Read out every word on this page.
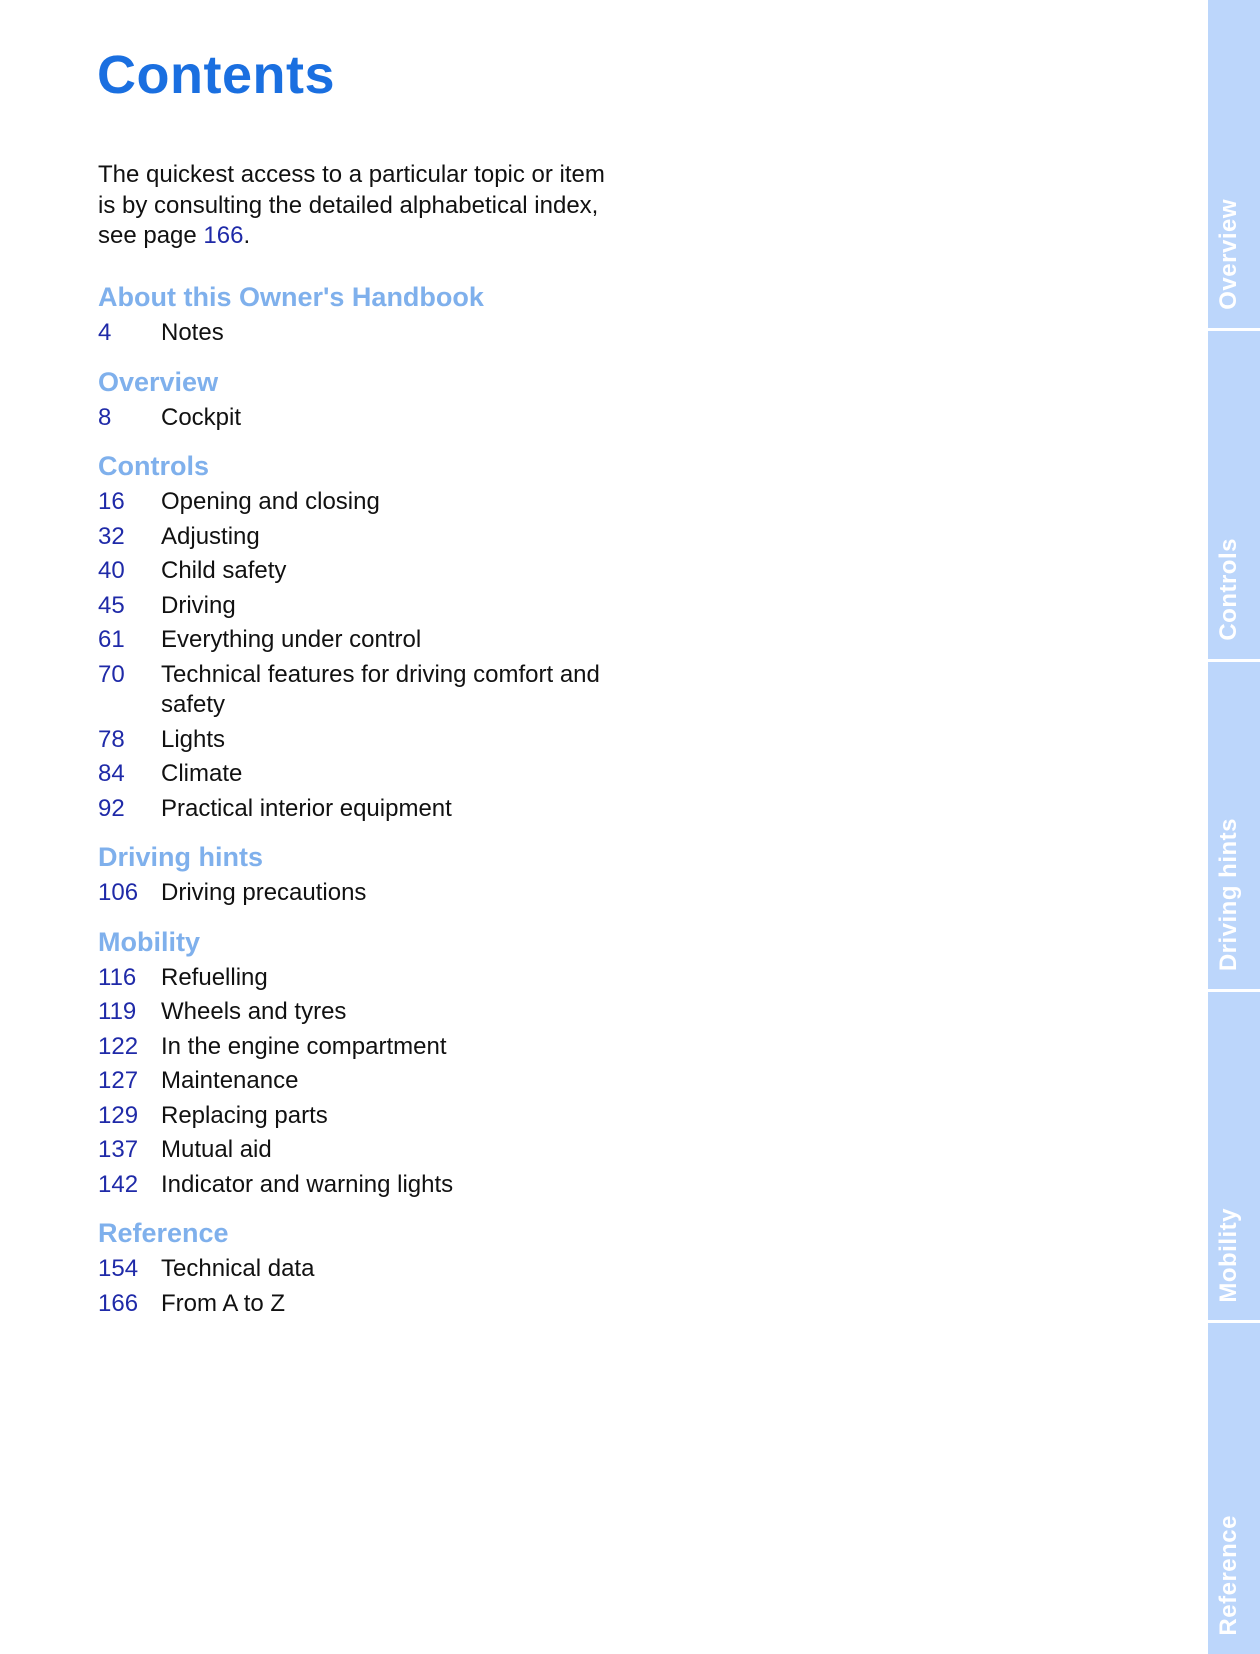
Contents

The quickest access to a particular topic or item is by consulting the detailed alphabetical index, see page 166.

About this Owner's Handbook
4	Notes
Overview
8	Cockpit
Controls
16	Opening and closing
32	Adjusting
40	Child safety
45	Driving
61	Everything under control
70	Technical features for driving comfort and safety
78	Lights
84	Climate
92	Practical interior equipment
Driving hints
106 Driving precautions
Mobility
116	Refuelling
119	Wheels and tyres
122 In the engine compartment
127 Maintenance
129 Replacing parts
137 Mutual aid
142 Indicator and warning lights
Reference
154 Technical data
166 From A to Z
Overview
Controls
Driving hints
Mobility
Reference
